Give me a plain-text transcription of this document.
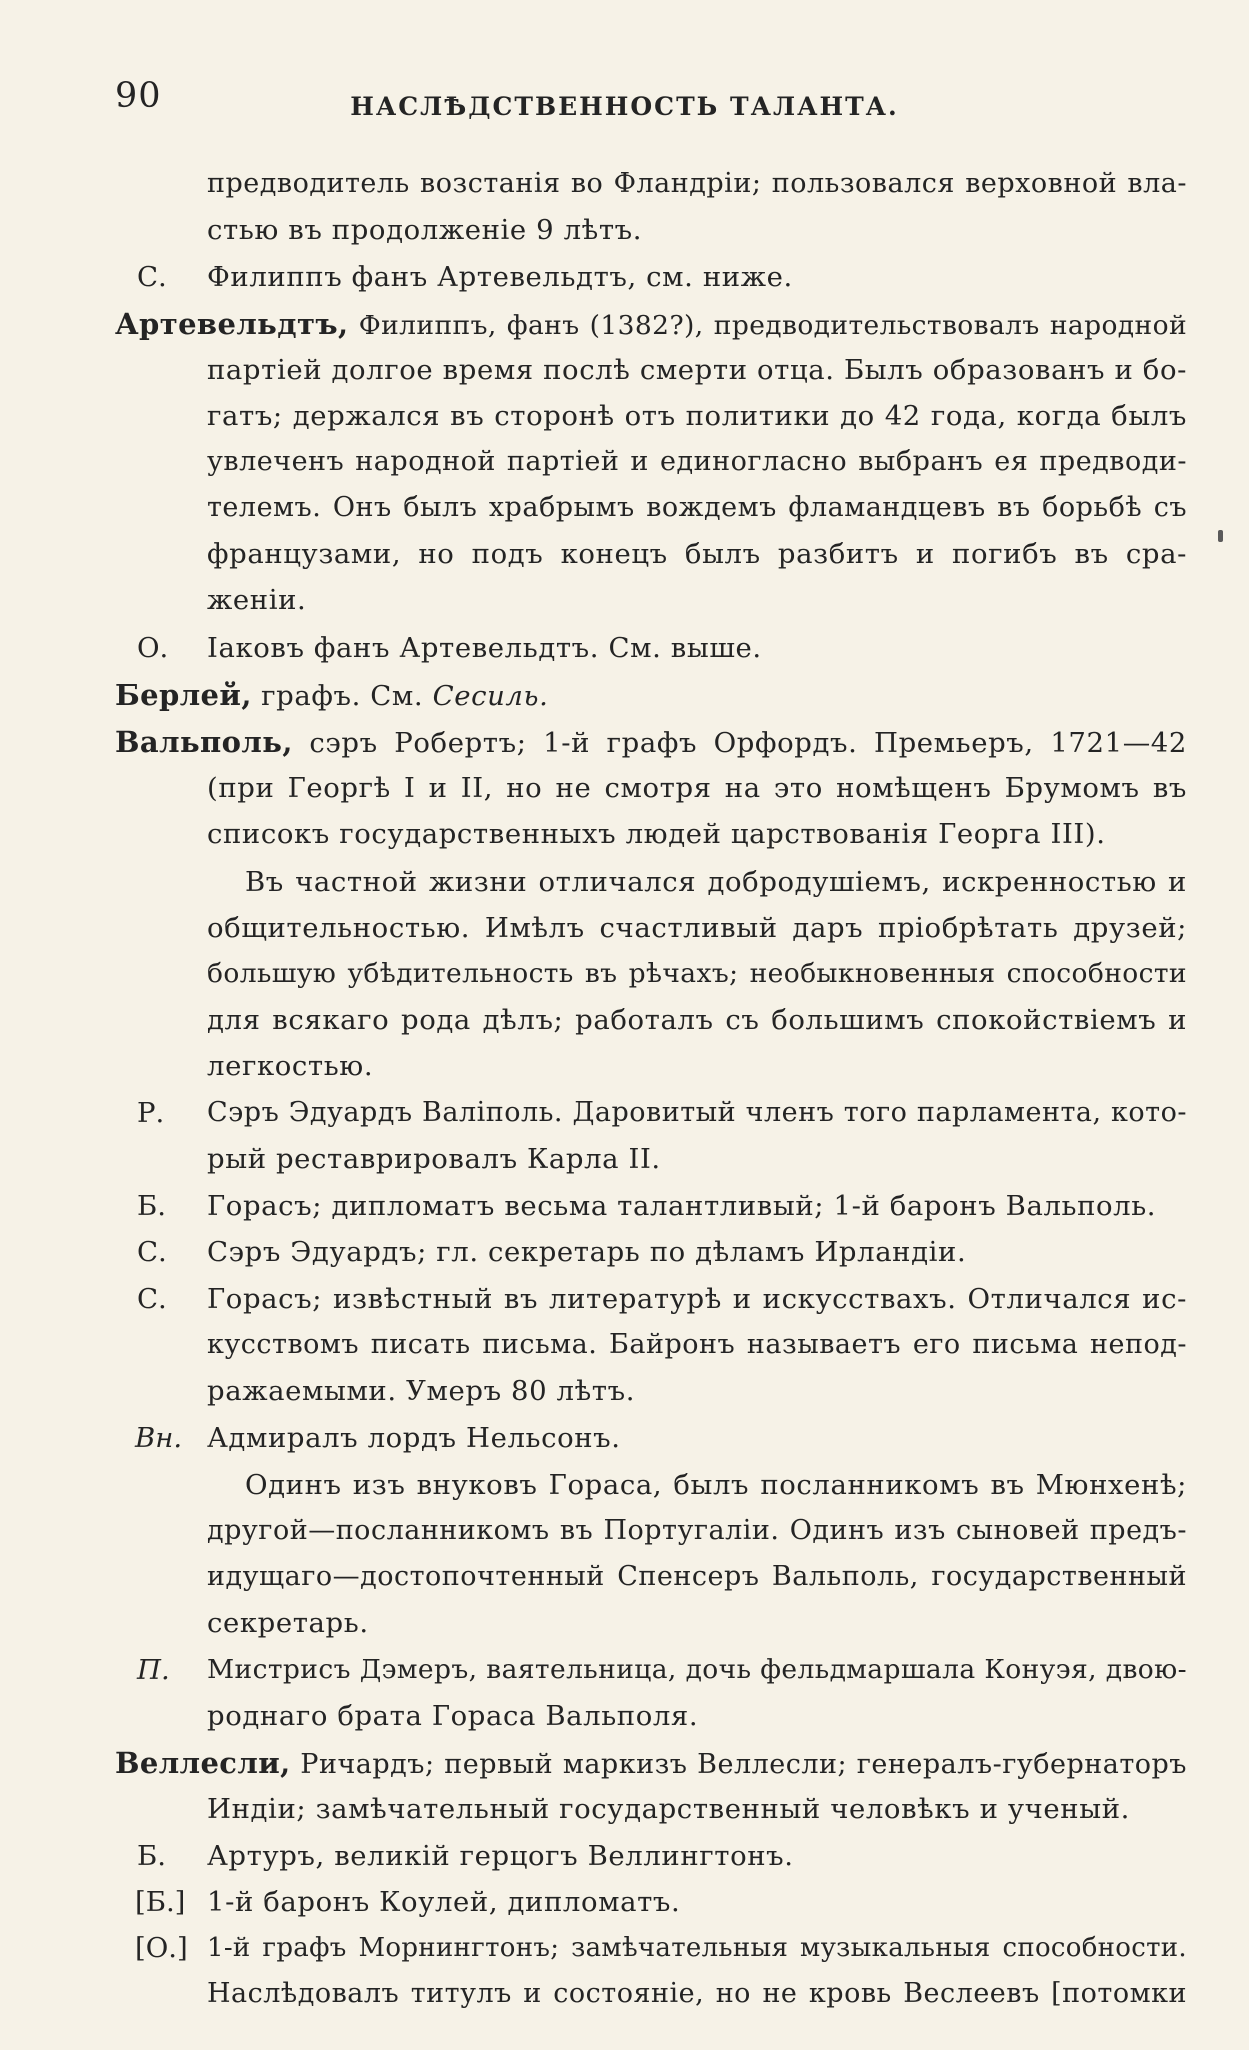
90	НАСЛѢДСТВЕННОСТЬ ТАЛАНТА.
предводитель возстанія во Фландріи; пользовался верховной вла-
стью въ продолженіе 9 лѣтъ.
С. Филиппъ фанъ Артевельдтъ, см. ниже.
Артевельдтъ, Филиппъ, фанъ (1382?), предводительствовалъ народной
партіей долгое время послѣ смерти отца. Былъ образованъ и бо-
гатъ; держался въ сторонѣ отъ политики до 42 года, когда былъ
увлеченъ народной партіей и единогласно выбранъ ея предводи-
телемъ. Онъ былъ храбрымъ вождемъ фламандцевъ въ борьбѣ съ
французами, но подъ конецъ былъ разбитъ и погибъ въ сра-
женіи.
О. Іаковъ фанъ Артевельдтъ. См. выше.
Берлей, графъ. См. Сесиль.
Вальполь, сэръ Робертъ; 1-й графъ Орфордъ. Премьеръ, 1721—42
(при Георгѣ I и II, но не смотря на это номѣщенъ Брумомъ въ
списокъ государственныхъ людей царствованія Георга III).
Въ частной жизни отличался добродушіемъ, искренностью и
общительностью. Имѣлъ счастливый даръ пріобрѣтать друзей;
большую убѣдительность въ рѣчахъ; необыкновенныя способности
для всякаго рода дѣлъ; работалъ съ большимъ спокойствіемъ и
легкостью.
Р. Сэръ Эдуардъ Валіполь. Даровитый членъ того парламента, кото-
рый реставрировалъ Карла II.
Б. Горасъ; дипломатъ весьма талантливый; 1-й баронъ Вальполь.
С. Сэръ Эдуардъ; гл. секретарь по дѣламъ Ирландіи.
С. Горасъ; извѣстный въ литературѣ и искусствахъ. Отличался ис-
кусствомъ писать письма. Байронъ называетъ его письма непод-
ражаемыми. Умеръ 80 лѣтъ.
Вн. Адмиралъ лордъ Нельсонъ.
Одинъ изъ внуковъ Гораса, былъ посланникомъ въ Мюнхенѣ;
другой—посланникомъ въ Португаліи. Одинъ изъ сыновей предъ-
идущаго—достопочтенный Спенсеръ Вальполь, государственный
секретарь.
П. Мистрисъ Дэмеръ, ваятельница, дочь фельдмаршала Конуэя, двою-
роднаго брата Гораса Вальполя.
Веллесли, Ричардъ; первый маркизъ Веллесли; генералъ-губернаторъ
Индіи; замѣчательный государственный человѣкъ и ученый.
Б. Артуръ, великій герцогъ Веллингтонъ.
[Б.] 1-й баронъ Коулей, дипломатъ.
[О.] 1-й графъ Морнингтонъ; замѣчательныя музыкальныя способности.
Наслѣдовалъ титулъ и состояніе, но не кровь Веслеевъ [потомки
